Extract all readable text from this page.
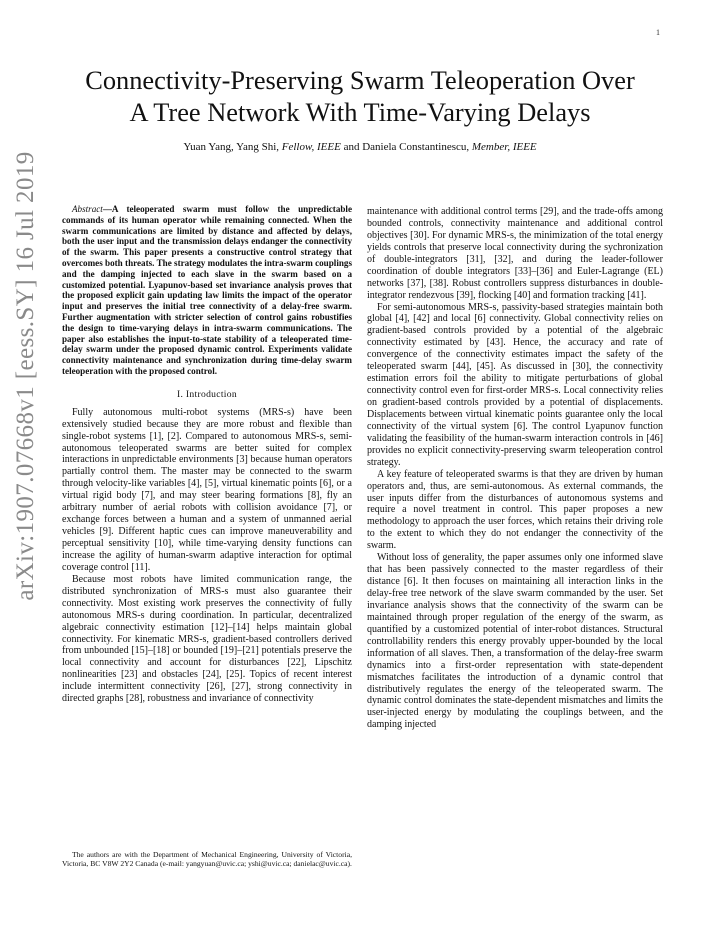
1
arXiv:1907.07668v1 [eess.SY] 16 Jul 2019
Connectivity-Preserving Swarm Teleoperation Over
A Tree Network With Time-Varying Delays
Yuan Yang, Yang Shi, Fellow, IEEE and Daniela Constantinescu, Member, IEEE

Abstract—A teleoperated swarm must follow the unpredictable commands of its human operator while remaining connected. When the swarm communications are limited by distance and affected by delays, both the user input and the transmission delays endanger the connectivity of the swarm. This paper presents a constructive control strategy that overcomes both threats. The strategy modulates the intra-swarm couplings and the damping injected to each slave in the swarm based on a customized potential. Lyapunov-based set invariance analysis proves that the proposed explicit gain updating law limits the impact of the operator input and preserves the initial tree connectivity of a delay-free swarm. Further augmentation with stricter selection of control gains robustifies the design to time-varying delays in intra-swarm communications. The paper also establishes the input-to-state stability of a teleoperated time-delay swarm under the proposed dynamic control. Experiments validate connectivity maintenance and synchronization during time-delay swarm teleoperation with the proposed control.

I. Introduction

Fully autonomous multi-robot systems (MRS-s) have been extensively studied because they are more robust and flexible than single-robot systems [1], [2]. Compared to autonomous MRS-s, semi-autonomous teleoperated swarms are better suited for complex interactions in unpredictable environments [3] because human operators partially control them. The master may be connected to the swarm through velocity-like variables [4], [5], virtual kinematic points [6], or a virtual rigid body [7], and may steer bearing formations [8], fly an arbitrary number of aerial robots with collision avoidance [7], or exchange forces between a human and a system of unmanned aerial vehicles [9]. Different haptic cues can improve maneuverability and perceptual sensitivity [10], while time-varying density functions can increase the agility of human-swarm adaptive interaction for optimal coverage control [11].

Because most robots have limited communication range, the distributed synchronization of MRS-s must also guarantee their connectivity. Most existing work preserves the connectivity of fully autonomous MRS-s during coordination. In particular, decentralized algebraic connectivity estimation [12]–[14] helps maintain global connectivity. For kinematic MRS-s, gradient-based controllers derived from unbounded [15]–[18] or bounded [19]–[21] potentials preserve the local connectivity and account for disturbances [22], Lipschitz nonlinearities [23] and obstacles [24], [25]. Topics of recent interest include intermittent connectivity [26], [27], strong connectivity in directed graphs [28], robustness and invariance of connectivity

maintenance with additional control terms [29], and the trade-offs among bounded controls, connectivity maintenance and additional control objectives [30]. For dynamic MRS-s, the minimization of the total energy yields controls that preserve local connectivity during the sychronization of double-integrators [31], [32], and during the leader-follower coordination of double integrators [33]–[36] and Euler-Lagrange (EL) networks [37], [38]. Robust controllers suppress disturbances in double-integrator rendezvous [39], flocking [40] and formation tracking [41].

For semi-autonomous MRS-s, passivity-based strategies maintain both global [4], [42] and local [6] connectivity. Global connectivity relies on gradient-based controls provided by a potential of the algebraic connectivity estimated by [43]. Hence, the accuracy and rate of convergence of the connectivity estimates impact the safety of the teleoperated swarm [44], [45]. As discussed in [30], the connectivity estimation errors foil the ability to mitigate perturbations of global connectivity control even for first-order MRS-s. Local connectivity relies on gradient-based controls provided by a potential of displacements. Displacements between virtual kinematic points guarantee only the local connectivity of the virtual system [6]. The control Lyapunov function validating the feasibility of the human-swarm interaction controls in [46] provides no explicit connectivity-preserving swarm teleoperation control strategy.

A key feature of teleoperated swarms is that they are driven by human operators and, thus, are semi-autonomous. As external commands, the user inputs differ from the disturbances of autonomous systems and require a novel treatment in control. This paper proposes a new methodology to approach the user forces, which retains their driving role to the extent to which they do not endanger the connectivity of the swarm.

Without loss of generality, the paper assumes only one informed slave that has been passively connected to the master regardless of their distance [6]. It then focuses on maintaining all interaction links in the delay-free tree network of the slave swarm commanded by the user. Set invariance analysis shows that the connectivity of the swarm can be maintained through proper regulation of the energy of the swarm, as quantified by a customized potential of inter-robot distances. Structural controllability renders this energy provably upper-bounded by the local information of all slaves. Then, a transformation of the delay-free swarm dynamics into a first-order representation with state-dependent mismatches facilitates the introduction of a dynamic control that distributively regulates the energy of the teleoperated swarm. The dynamic control dominates the state-dependent mismatches and limits the user-injected energy by modulating the couplings between, and the damping injected

The authors are with the Department of Mechanical Engineering, University of Victoria, Victoria, BC V8W 2Y2 Canada (e-mail: yangyuan@uvic.ca; yshi@uvic.ca; danielac@uvic.ca).
